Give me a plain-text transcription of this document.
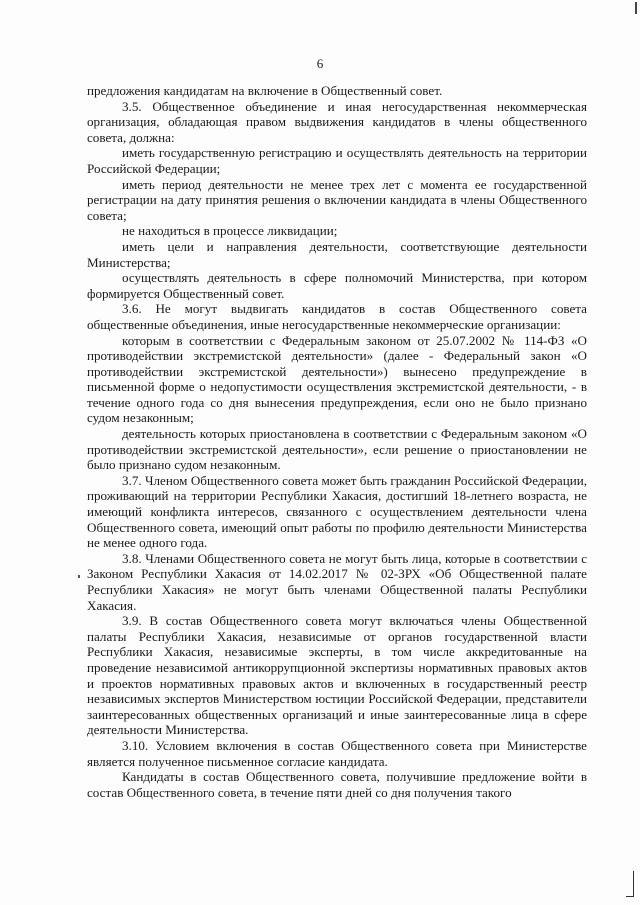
6

предложения кандидатам на включение в Общественный совет.

3.5. Общественное объединение и иная негосударственная некоммерческая организация, обладающая правом выдвижения кандидатов в члены общественного совета, должна:

иметь государственную регистрацию и осуществлять деятельность на территории Российской Федерации;

иметь период деятельности не менее трех лет с момента ее государственной регистрации на дату принятия решения о включении кандидата в члены Общественного совета;

не находиться в процессе ликвидации;

иметь цели и направления деятельности, соответствующие деятельности Министерства;

осуществлять деятельность в сфере полномочий Министерства, при котором формируется Общественный совет.

3.6. Не могут выдвигать кандидатов в состав Общественного совета общественные объединения, иные негосударственные некоммерческие организации:

которым в соответствии с Федеральным законом от 25.07.2002 № 114-ФЗ «О противодействии экстремистской деятельности» (далее - Федеральный закон «О противодействии экстремистской деятельности») вынесено предупреждение в письменной форме о недопустимости осуществления экстремистской деятельности, - в течение одного года со дня вынесения предупреждения, если оно не было признано судом незаконным;

деятельность которых приостановлена в соответствии с Федеральным законом «О противодействии экстремистской деятельности», если решение о приостановлении не было признано судом незаконным.

3.7. Членом Общественного совета может быть гражданин Российской Федерации, проживающий на территории Республики Хакасия, достигший 18-летнего возраста, не имеющий конфликта интересов, связанного с осуществлением деятельности члена Общественного совета, имеющий опыт работы по профилю деятельности Министерства не менее одного года.

3.8. Членами Общественного совета не могут быть лица, которые в соответствии с Законом Республики Хакасия от 14.02.2017 № 02-ЗРХ «Об Общественной палате Республики Хакасия» не могут быть членами Общественной палаты Республики Хакасия.

3.9. В состав Общественного совета могут включаться члены Общественной палаты Республики Хакасия, независимые от органов государственной власти Республики Хакасия, независимые эксперты, в том числе аккредитованные на проведение независимой антикоррупционной экспертизы нормативных правовых актов и проектов нормативных правовых актов и включенных в государственный реестр независимых экспертов Министерством юстиции Российской Федерации, представители заинтересованных общественных организаций и иные заинтересованные лица в сфере деятельности Министерства.

3.10. Условием включения в состав Общественного совета при Министерстве является полученное письменное согласие кандидата.

Кандидаты в состав Общественного совета, получившие предложение войти в состав Общественного совета, в течение пяти дней со дня получения такого
